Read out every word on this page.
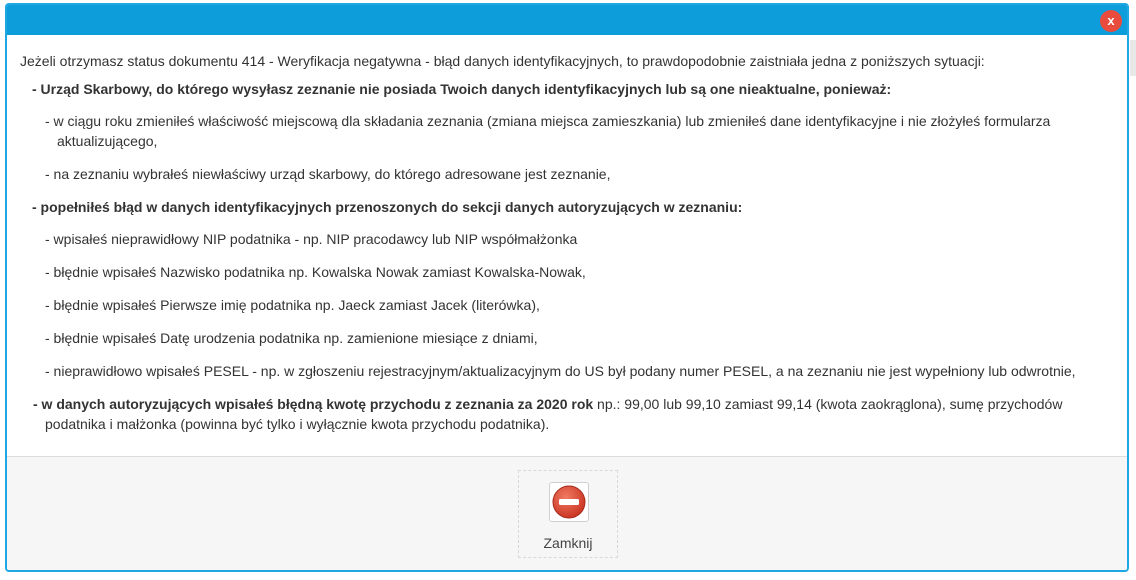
x

Jeżeli otrzymasz status dokumentu 414 - Weryfikacja negatywna - błąd danych identyfikacyjnych, to prawdopodobnie zaistniała jedna z poniższych sytuacji:

- Urząd Skarbowy, do którego wysyłasz zeznanie nie posiada Twoich danych identyfikacyjnych lub są one nieaktualne, ponieważ:

- w ciągu roku zmieniłeś właściwość miejscową dla składania zeznania (zmiana miejsca zamieszkania) lub zmieniłeś dane identyfikacyjne i nie złożyłeś formularza aktualizującego,

- na zeznaniu wybrałeś niewłaściwy urząd skarbowy, do którego adresowane jest zeznanie,

- popełniłeś błąd w danych identyfikacyjnych przenoszonych do sekcji danych autoryzujących w zeznaniu:

- wpisałeś nieprawidłowy NIP podatnika - np. NIP pracodawcy lub NIP współmałżonka

- błędnie wpisałeś Nazwisko podatnika np. Kowalska Nowak zamiast Kowalska-Nowak,

- błędnie wpisałeś Pierwsze imię podatnika np. Jaeck zamiast Jacek (literówka),

- błędnie wpisałeś Datę urodzenia podatnika np. zamienione miesiące z dniami,

- nieprawidłowo wpisałeś PESEL - np. w zgłoszeniu rejestracyjnym/aktualizacyjnym do US był podany numer PESEL, a na zeznaniu nie jest wypełniony lub odwrotnie,

- w danych autoryzujących wpisałeś błędną kwotę przychodu z zeznania za 2020 rok np.: 99,00 lub 99,10 zamiast 99,14 (kwota zaokrąglona), sumę przychodów podatnika i małżonka (powinna być tylko i wyłącznie kwota przychodu podatnika).

Zamknij
